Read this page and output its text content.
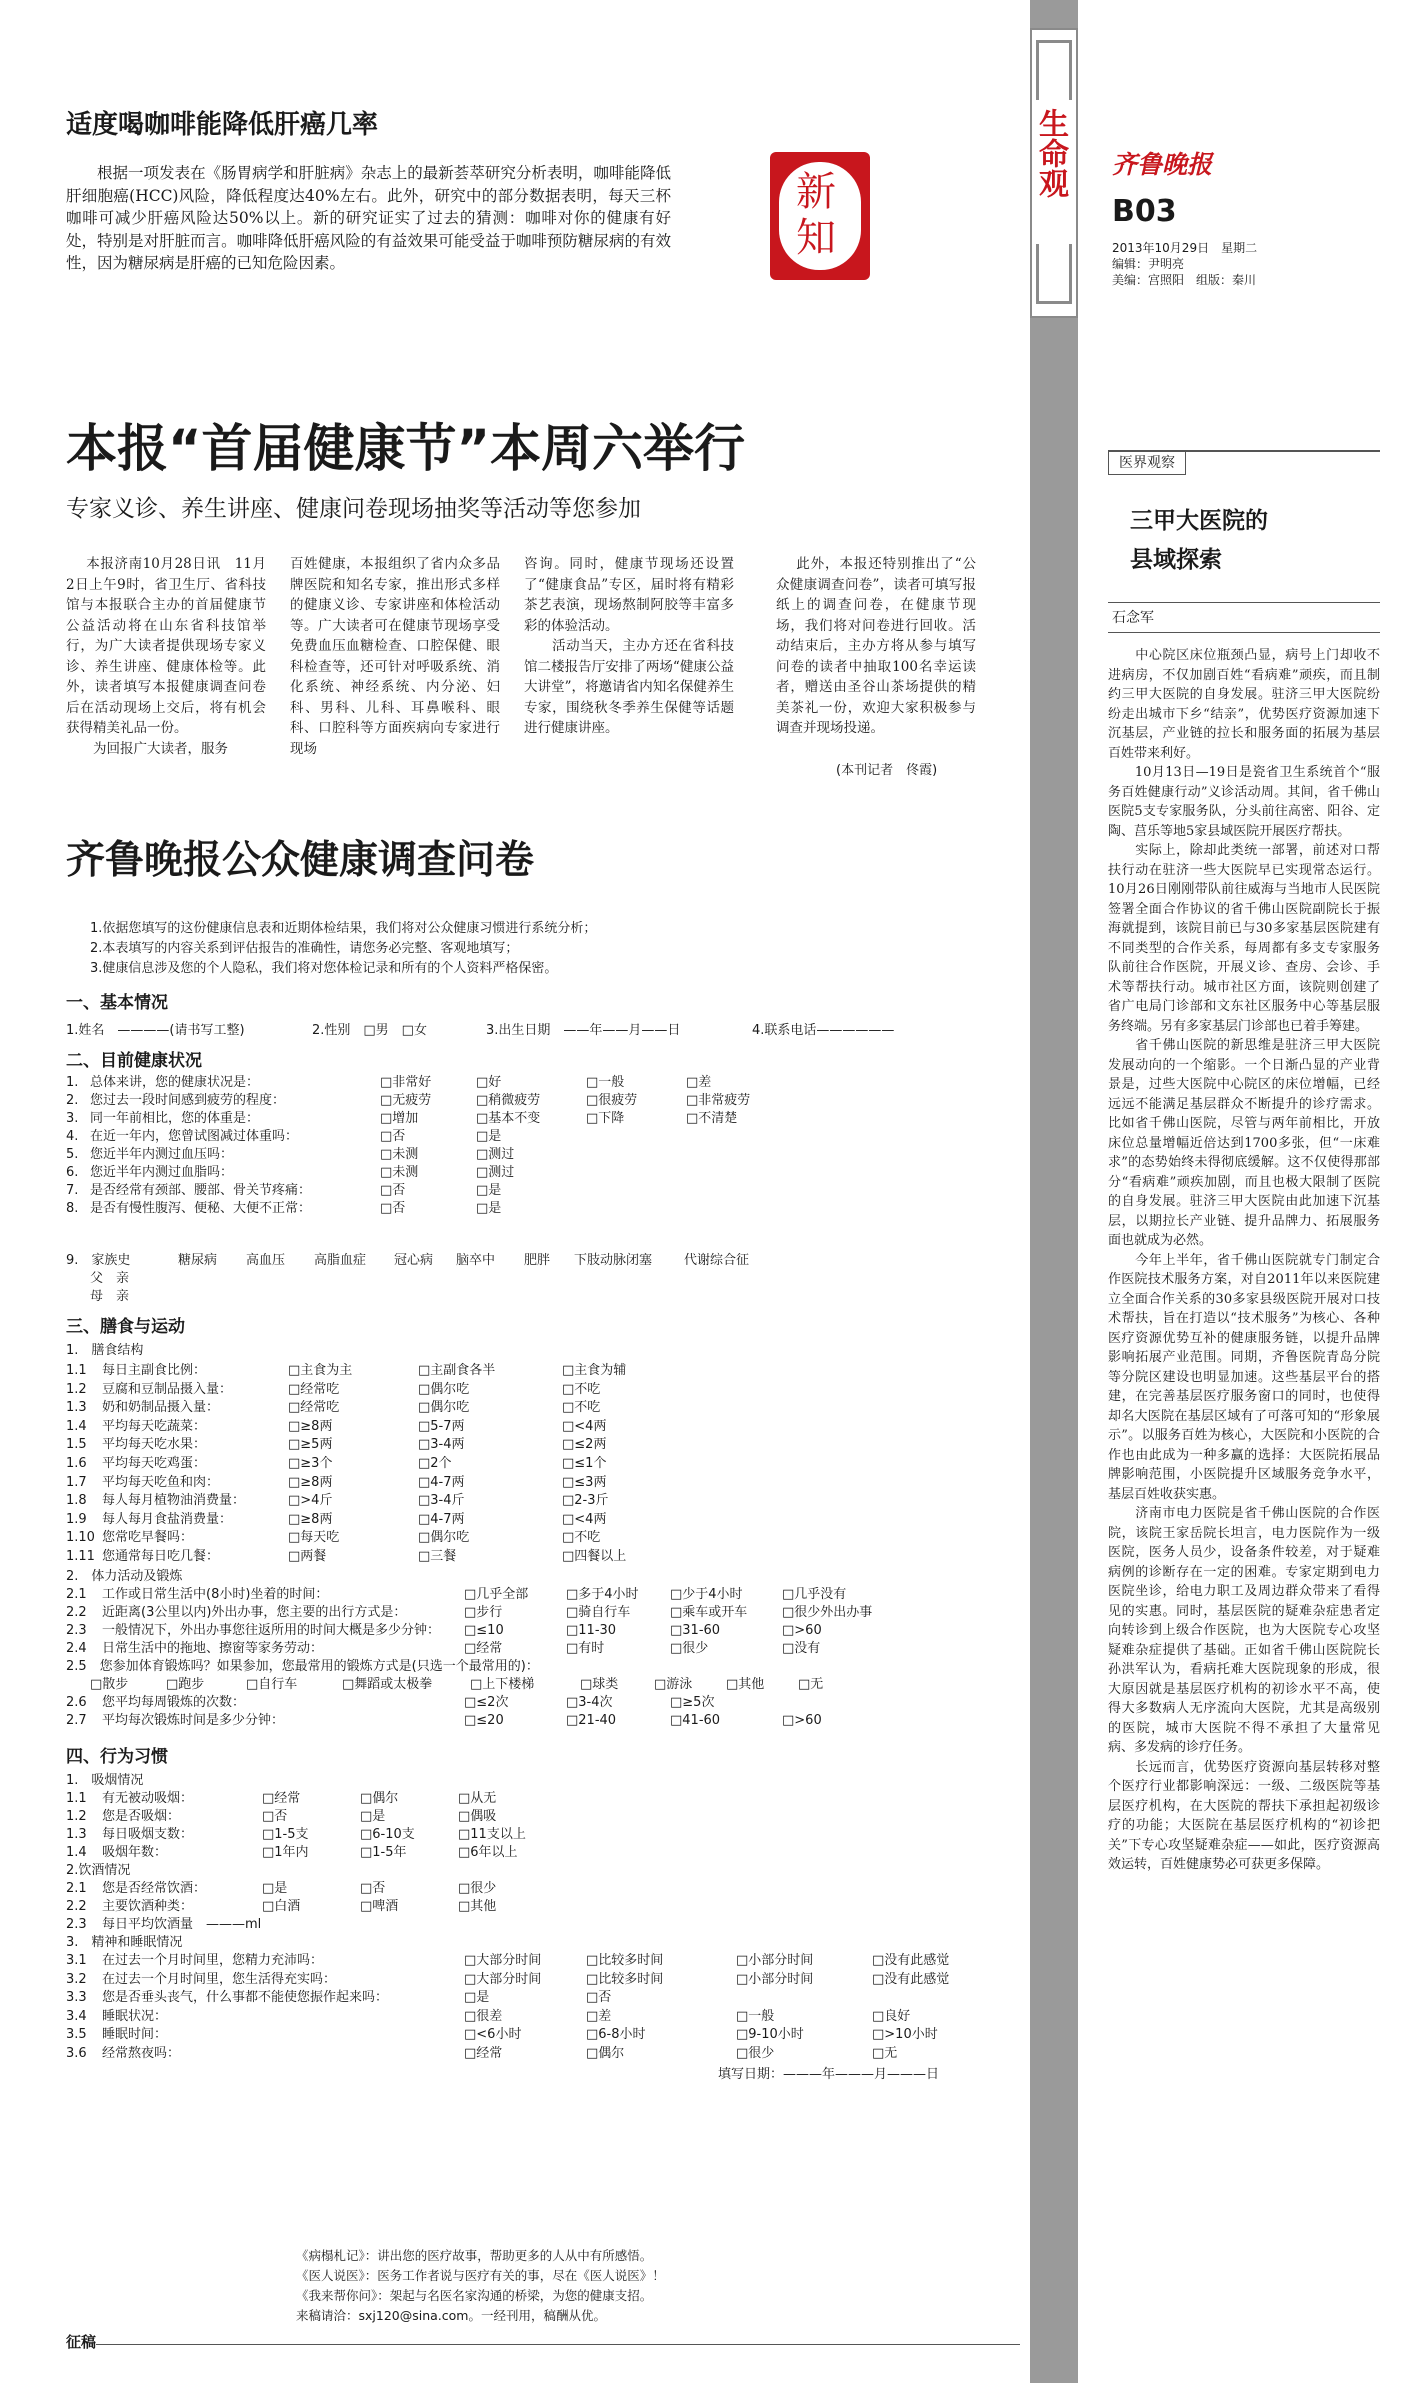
生命观 齐鲁晚报
B03
2013年10月29日　星期二
编辑：尹明亮
美编：宫照阳　组版：秦川
适度喝咖啡能降低肝癌几率
根据一项发表在《肠胃病学和肝脏病》杂志上的最新荟萃研究分析表明，咖啡能降低肝细胞癌(HCC)风险，降低程度达40%左右。此外，研究中的部分数据表明，每天三杯咖啡可减少肝癌风险达50%以上。新的研究证实了过去的猜测：咖啡对你的健康有好处，特别是对肝脏而言。咖啡降低肝癌风险的有益效果可能受益于咖啡预防糖尿病的有效性，因为糖尿病是肝癌的已知危险因素。
新
知
本报“首届健康节”本周六举行
专家义诊、养生讲座、健康问卷现场抽奖等活动等您参加
本报济南10月28日讯　11月2日上午9时，省卫生厅、省科技馆与本报联合主办的首届健康节公益活动将在山东省科技馆举行，为广大读者提供现场专家义诊、养生讲座、健康体检等。此外，读者填写本报健康调查问卷后在活动现场上交后，将有机会获得精美礼品一份。
　　为回报广大读者，服务
百姓健康，本报组织了省内众多品牌医院和知名专家，推出形式多样的健康义诊、专家讲座和体检活动等。广大读者可在健康节现场享受免费血压血糖检查、口腔保健、眼科检查等，还可针对呼吸系统、消化系统、神经系统、内分泌、妇科、男科、儿科、耳鼻喉科、眼科、口腔科等方面疾病向专家进行现场
咨询。同时，健康节现场还设置了“健康食品”专区，届时将有精彩茶艺表演，现场熬制阿胶等丰富多彩的体验活动。
　　活动当天，主办方还在省科技馆二楼报告厅安排了两场“健康公益大讲堂”，将邀请省内知名保健养生专家，围绕秋冬季养生保健等话题进行健康讲座。
此外，本报还特别推出了“公众健康调查问卷”，读者可填写报纸上的调查问卷，在健康节现场，我们将对问卷进行回收。活动结束后，主办方将从参与填写问卷的读者中抽取100名幸运读者，赠送由圣谷山茶场提供的精美茶礼一份，欢迎大家积极参与调查并现场投递。
(本刊记者　佟霞)
齐鲁晚报公众健康调查问卷
1.依据您填写的这份健康信息表和近期体检结果，我们将对公众健康习惯进行系统分析；
2.本表填写的内容关系到评估报告的准确性，请您务必完整、客观地填写；
3.健康信息涉及您的个人隐私，我们将对您体检记录和所有的个人资料严格保密。
一、基本情况
1.姓名　————(请书写工整)	2.性别　□男　□女	3.出生日期　——年——月——日	4.联系电话——————
二、目前健康状况
1. 总体来讲，您的健康状况是：	□非常好	□好	□一般	□差
2. 您过去一段时间感到疲劳的程度：	□无疲劳	□稍微疲劳	□很疲劳	□非常疲劳
3. 同一年前相比，您的体重是：	□增加	□基本不变	□下降	□不清楚
4. 在近一年内，您曾试图减过体重吗：	□否	□是
5. 您近半年内测过血压吗：	□未测	□测过
6. 您近半年内测过血脂吗：	□未测	□测过
7. 是否经常有颈部、腰部、骨关节疼痛：	□否	□是
8. 是否有慢性腹泻、便秘、大便不正常：	□否	□是
9.　家族史	糖尿病 高血压 高脂血症 冠心病 脑卒中 肥胖 下肢动脉闭塞 代谢综合征
父　亲
母　亲
三、膳食与运动
1.　膳食结构
1.1 每日主副食比例：	□主食为主	□主副食各半	□主食为辅
1.2 豆腐和豆制品摄入量：	□经常吃	□偶尔吃	□不吃
1.3 奶和奶制品摄入量：	□经常吃	□偶尔吃	□不吃
1.4 平均每天吃蔬菜：	□≥8两	□5-7两	□<4两
1.5 平均每天吃水果：	□≥5两	□3-4两	□≤2两
1.6 平均每天吃鸡蛋：	□≥3个	□2个	□≤1个
1.7 平均每天吃鱼和肉：	□≥8两	□4-7两	□≤3两
1.8 每人每月植物油消费量：	□>4斤	□3-4斤	□2-3斤
1.9 每人每月食盐消费量：	□≥8两	□4-7两	□<4两
1.10 您常吃早餐吗：	□每天吃	□偶尔吃	□不吃
1.11 您通常每日吃几餐：	□两餐	□三餐	□四餐以上
2.　体力活动及锻炼
2.1 工作或日常生活中(8小时)坐着的时间：	□几乎全部	□多于4小时 □少于4小时	□几乎没有
2.2 近距离(3公里以内)外出办事，您主要的出行方式是：	□步行	□骑自行车	□乘车或开车	□很少外出办事
2.3 一般情况下，外出办事您往返所用的时间大概是多少分钟： □≤10	□11-30	□31-60	□>60
2.4 日常生活中的拖地、擦窗等家务劳动：	□经常	□有时	□很少	□没有
2.5　您参加体育锻炼吗？如果参加，您最常用的锻炼方式是(只选一个最常用的)：
□散步	□跑步	□自行车	□舞蹈或太极拳	□上下楼梯	□球类	□游泳	□其他	□无
2.6 您平均每周锻炼的次数：	□≤2次	□3-4次	□≥5次
2.7 平均每次锻炼时间是多少分钟：	□≤20	□21-40	□41-60	□>60
四、行为习惯
1.　吸烟情况
1.1 有无被动吸烟：	□经常	□偶尔	□从无
1.2 您是否吸烟：	□否	□是	□偶吸
1.3 每日吸烟支数：	□1-5支	□6-10支	□11支以上
1.4 吸烟年数：	□1年内	□1-5年	□6年以上
2.饮酒情况
2.1 您是否经常饮酒：	□是	□否	□很少
2.2 主要饮酒种类：	□白酒	□啤酒	□其他
2.3 每日平均饮酒量　———ml
3.　精神和睡眠情况
3.1 在过去一个月时间里，您精力充沛吗：	□大部分时间	□比较多时间	□小部分时间	□没有此感觉
3.2 在过去一个月时间里，您生活得充实吗：	□大部分时间	□比较多时间	□小部分时间	□没有此感觉
3.3 您是否垂头丧气，什么事都不能使您振作起来吗：	□是	□否
3.4 睡眠状况：	□很差	□差	□一般	□良好
3.5 睡眠时间：	□<6小时	□6-8小时	□9-10小时	□>10小时
3.6 经常熬夜吗：	□经常	□偶尔	□很少	□无
填写日期：———年———月———日
医界观察
三甲大医院的
县域探索
石念军
　　中心院区床位瓶颈凸显，病号上门却收不进病房，不仅加剧百姓“看病难”顽疾，而且制约三甲大医院的自身发展。驻济三甲大医院纷纷走出城市下乡“结亲”，优势医疗资源加速下沉基层，产业链的拉长和服务面的拓展为基层百姓带来利好。
　　10月13日—19日是瓷省卫生系统首个“服务百姓健康行动”义诊活动周。其间，省千佛山医院5支专家服务队，分头前往高密、阳谷、定陶、莒乐等地5家县域医院开展医疗帮扶。
　　实际上，除却此类统一部署，前述对口帮扶行动在驻济一些大医院早已实现常态运行。10月26日刚刚带队前往威海与当地市人民医院签署全面合作协议的省千佛山医院副院长于振海就提到，该院目前已与30多家基层医院建有不同类型的合作关系，每周都有多支专家服务队前往合作医院，开展义诊、查房、会诊、手术等帮扶行动。城市社区方面，该院则创建了省广电局门诊部和文东社区服务中心等基层服务终端。另有多家基层门诊部也已着手筹建。
　　省千佛山医院的新思维是驻济三甲大医院发展动向的一个缩影。一个日渐凸显的产业背景是，过些大医院中心院区的床位增幅，已经远远不能满足基层群众不断提升的诊疗需求。比如省千佛山医院，尽管与两年前相比，开放床位总量增幅近倍达到1700多张，但“一床难求”的态势始终未得彻底缓解。这不仅使得那部分“看病难”顽疾加剧，而且也极大限制了医院的自身发展。驻济三甲大医院由此加速下沉基层，以期拉长产业链、提升品牌力、拓展服务面也就成为必然。
　　今年上半年，省千佛山医院就专门制定合作医院技术服务方案，对自2011年以来医院建立全面合作关系的30多家县级医院开展对口技术帮扶，旨在打造以“技术服务”为核心、各种医疗资源优势互补的健康服务链，以提升品牌影响拓展产业范围。同期，齐鲁医院青岛分院等分院区建设也明显加速。这些基层平台的搭建，在完善基层医疗服务窗口的同时，也使得却名大医院在基层区域有了可落可知的“形象展示”。以服务百姓为核心，大医院和小医院的合作也由此成为一种多赢的选择：大医院拓展品牌影响范围，小医院提升区域服务竞争水平，基层百姓收获实惠。
　　济南市电力医院是省千佛山医院的合作医院，该院王家岳院长坦言，电力医院作为一级医院，医务人员少，设备条件较差，对于疑难病例的诊断存在一定的困难。专家定期到电力医院坐诊，给电力职工及周边群众带来了看得见的实惠。同时，基层医院的疑难杂症患者定向转诊到上级合作医院，也为大医院专心攻坚疑难杂症提供了基础。正如省千佛山医院院长孙洪军认为，看病托难大医院现象的形成，很大原因就是基层医疗机构的初诊水平不高，使得大多数病人无序流向大医院，尤其是高级别的医院，城市大医院不得不承担了大量常见病、多发病的诊疗任务。
　　长远而言，优势医疗资源向基层转移对整个医疗行业都影响深远：一级、二级医院等基层医疗机构，在大医院的帮扶下承担起初级诊疗的功能；大医院在基层医疗机构的“初诊把关”下专心攻坚疑难杂症——如此，医疗资源高效运转，百姓健康势必可获更多保障。
《病榻札记》：讲出您的医疗故事，帮助更多的人从中有所感悟。
《医人说医》：医务工作者说与医疗有关的事，尽在《医人说医》！
《我来帮你问》：架起与名医名家沟通的桥梁，为您的健康支招。
来稿请洽：sxj120@sina.com。一经刊用，稿酬从优。
征稿
